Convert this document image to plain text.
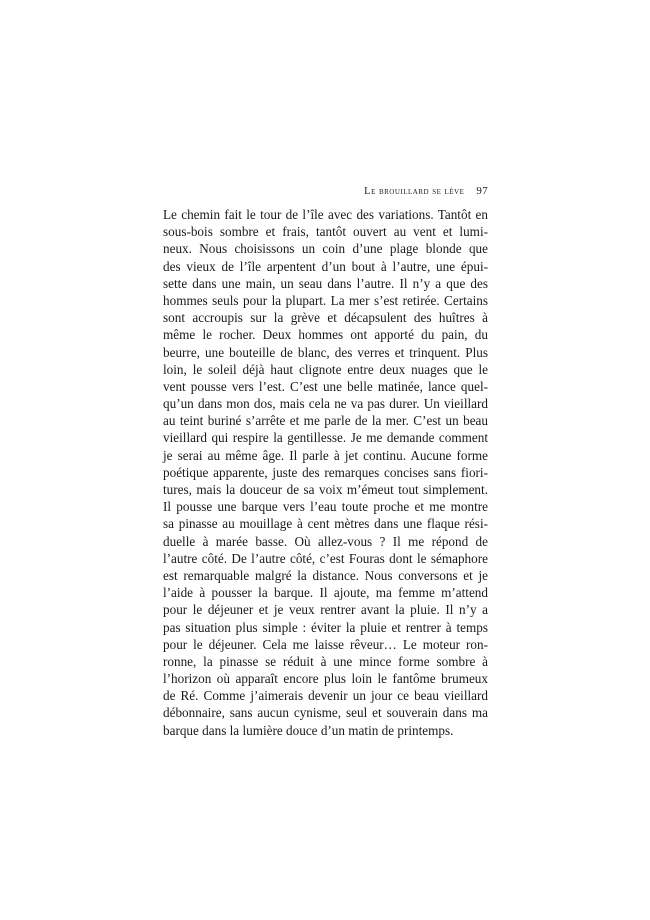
Le brouillard se lève 97
Le chemin fait le tour de l’île avec des variations. Tantôt en
sous-bois sombre et frais, tantôt ouvert au vent et lumi-
neux. Nous choisissons un coin d’une plage blonde que
des vieux de l’île arpentent d’un bout à l’autre, une épui-
sette dans une main, un seau dans l’autre. Il n’y a que des
hommes seuls pour la plupart. La mer s’est retirée. Certains
sont accroupis sur la grève et décapsulent des huîtres à
même le rocher. Deux hommes ont apporté du pain, du
beurre, une bouteille de blanc, des verres et trinquent. Plus
loin, le soleil déjà haut clignote entre deux nuages que le
vent pousse vers l’est. C’est une belle matinée, lance quel-
qu’un dans mon dos, mais cela ne va pas durer. Un vieillard
au teint buriné s’arrête et me parle de la mer. C’est un beau
vieillard qui respire la gentillesse. Je me demande comment
je serai au même âge. Il parle à jet continu. Aucune forme
poétique apparente, juste des remarques concises sans fiori-
tures, mais la douceur de sa voix m’émeut tout simplement.
Il pousse une barque vers l’eau toute proche et me montre
sa pinasse au mouillage à cent mètres dans une flaque rési-
duelle à marée basse. Où allez-vous ? Il me répond de
l’autre côté. De l’autre côté, c’est Fouras dont le sémaphore
est remarquable malgré la distance. Nous conversons et je
l’aide à pousser la barque. Il ajoute, ma femme m’attend
pour le déjeuner et je veux rentrer avant la pluie. Il n’y a
pas situation plus simple : éviter la pluie et rentrer à temps
pour le déjeuner. Cela me laisse rêveur… Le moteur ron-
ronne, la pinasse se réduit à une mince forme sombre à
l’horizon où apparaît encore plus loin le fantôme brumeux
de Ré. Comme j’aimerais devenir un jour ce beau vieillard
débonnaire, sans aucun cynisme, seul et souverain dans ma
barque dans la lumière douce d’un matin de printemps.
